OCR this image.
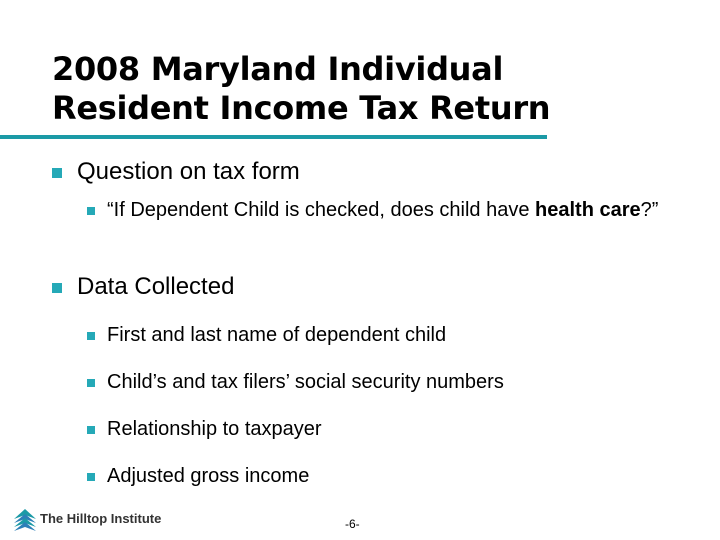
2008 Maryland Individual
Resident Income Tax Return
Question on tax form
“If Dependent Child is checked, does child have health care?”
Data Collected
First and last name of dependent child
Child’s and tax filers’ social security numbers
Relationship to taxpayer
Adjusted gross income
The Hilltop Institute	-6-
